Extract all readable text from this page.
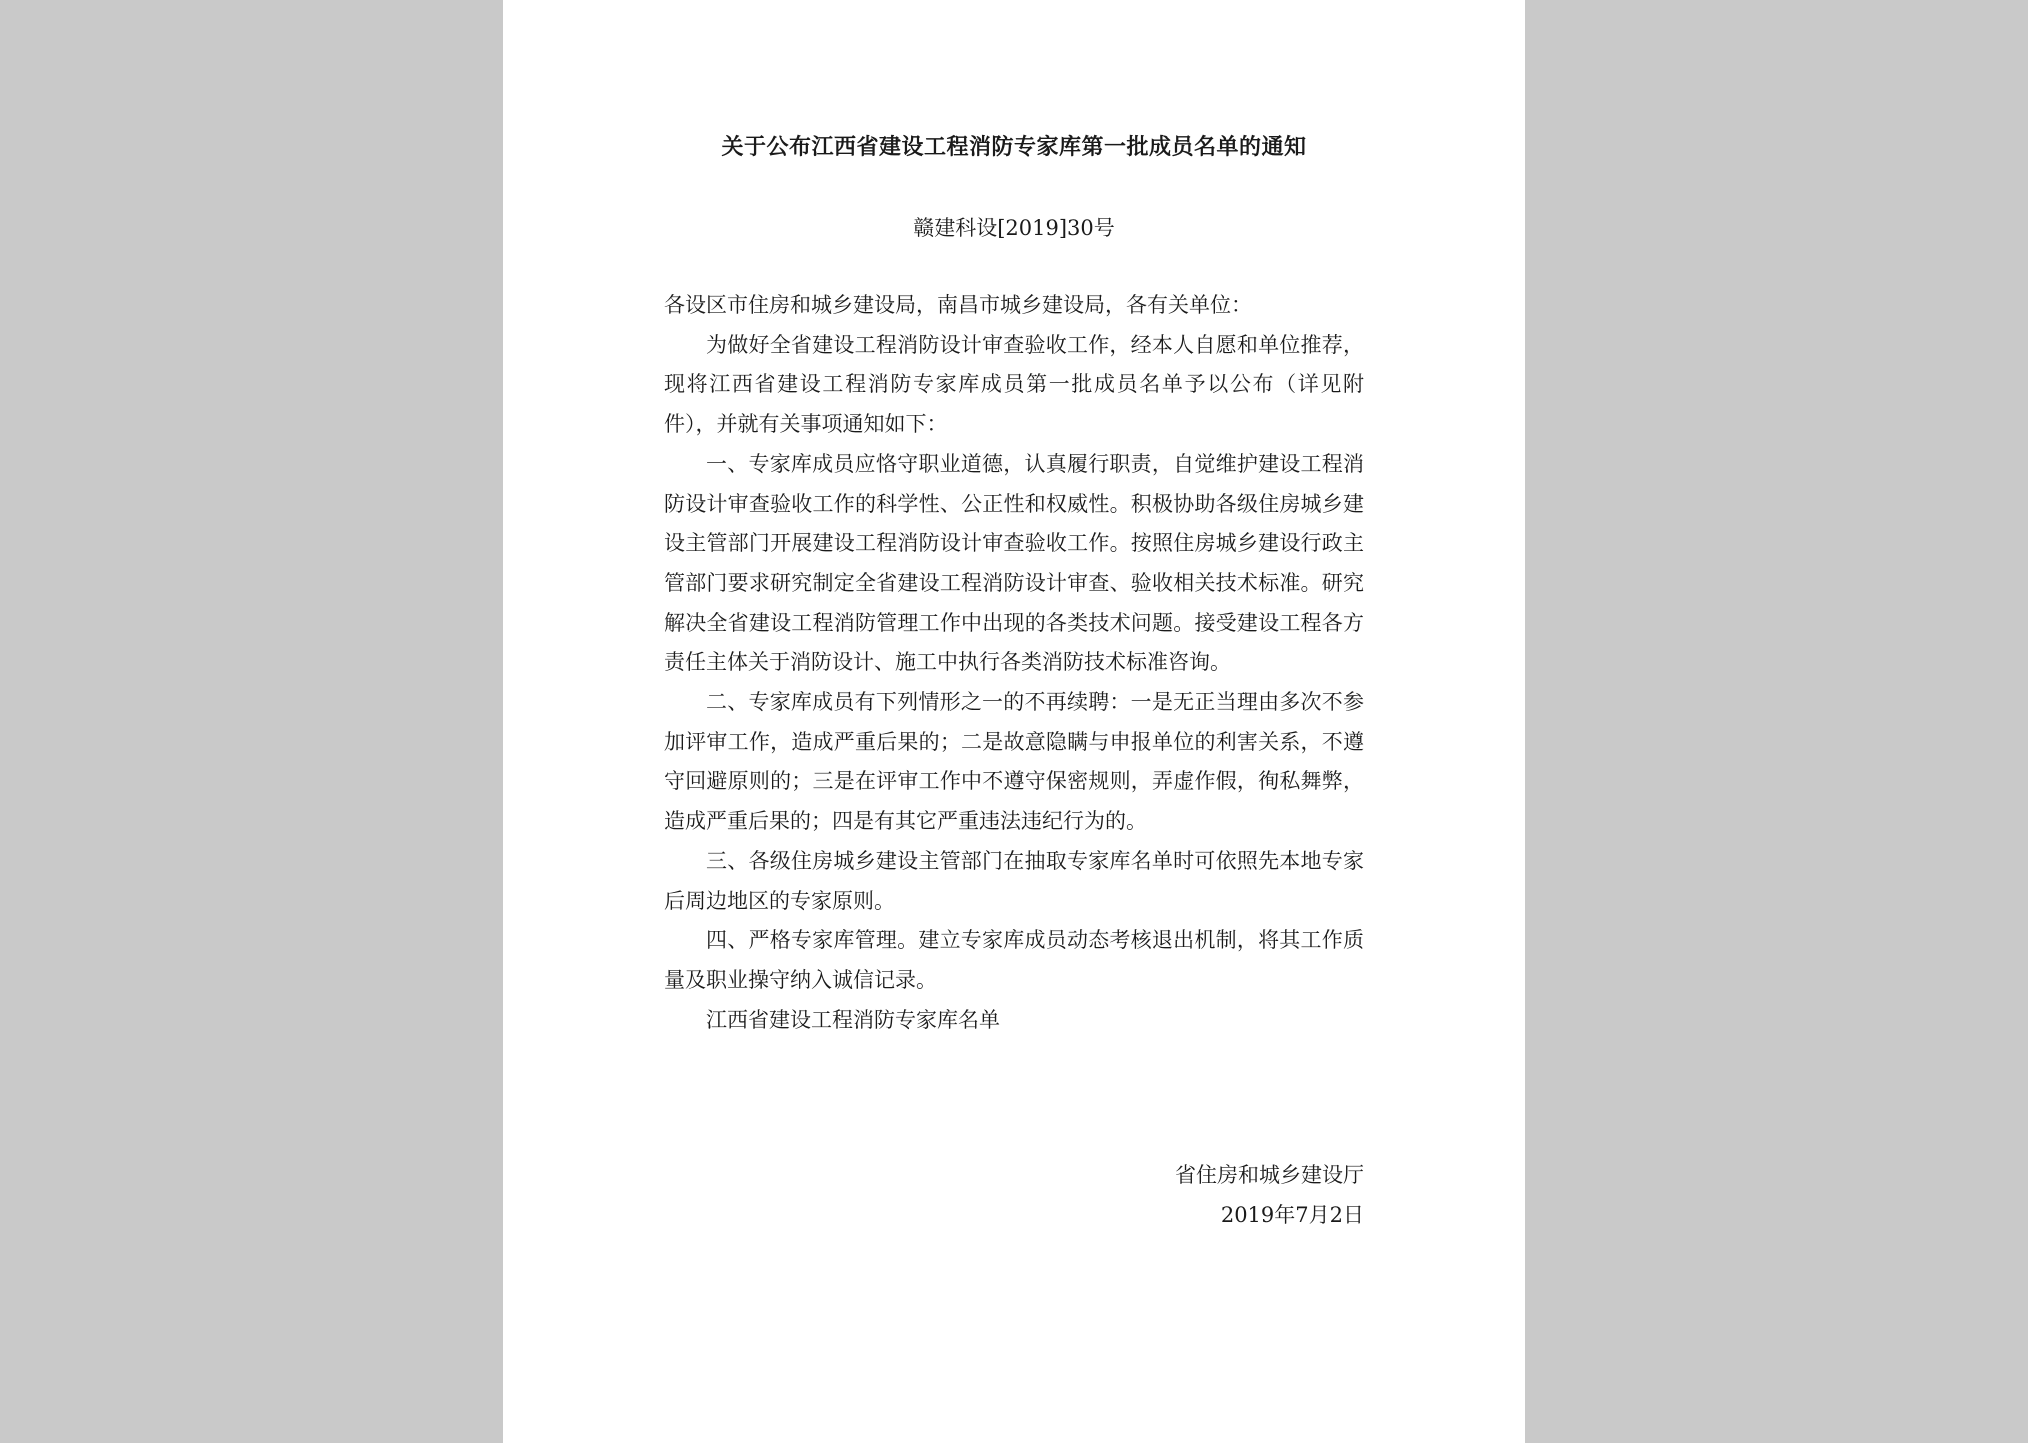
关于公布江西省建设工程消防专家库第一批成员名单的通知
赣建科设[2019]30号

各设区市住房和城乡建设局，南昌市城乡建设局，各有关单位：

为做好全省建设工程消防设计审查验收工作，经本人自愿和单位推荐，现将江西省建设工程消防专家库成员第一批成员名单予以公布（详见附件），并就有关事项通知如下：

一、专家库成员应恪守职业道德，认真履行职责，自觉维护建设工程消防设计审查验收工作的科学性、公正性和权威性。积极协助各级住房城乡建设主管部门开展建设工程消防设计审查验收工作。按照住房城乡建设行政主管部门要求研究制定全省建设工程消防设计审查、验收相关技术标准。研究解决全省建设工程消防管理工作中出现的各类技术问题。接受建设工程各方责任主体关于消防设计、施工中执行各类消防技术标准咨询。

二、专家库成员有下列情形之一的不再续聘：一是无正当理由多次不参加评审工作，造成严重后果的；二是故意隐瞒与申报单位的利害关系，不遵守回避原则的；三是在评审工作中不遵守保密规则，弄虚作假，徇私舞弊，造成严重后果的；四是有其它严重违法违纪行为的。

三、各级住房城乡建设主管部门在抽取专家库名单时可依照先本地专家后周边地区的专家原则。

四、严格专家库管理。建立专家库成员动态考核退出机制，将其工作质量及职业操守纳入诚信记录。

江西省建设工程消防专家库名单

省住房和城乡建设厅
2019年7月2日
